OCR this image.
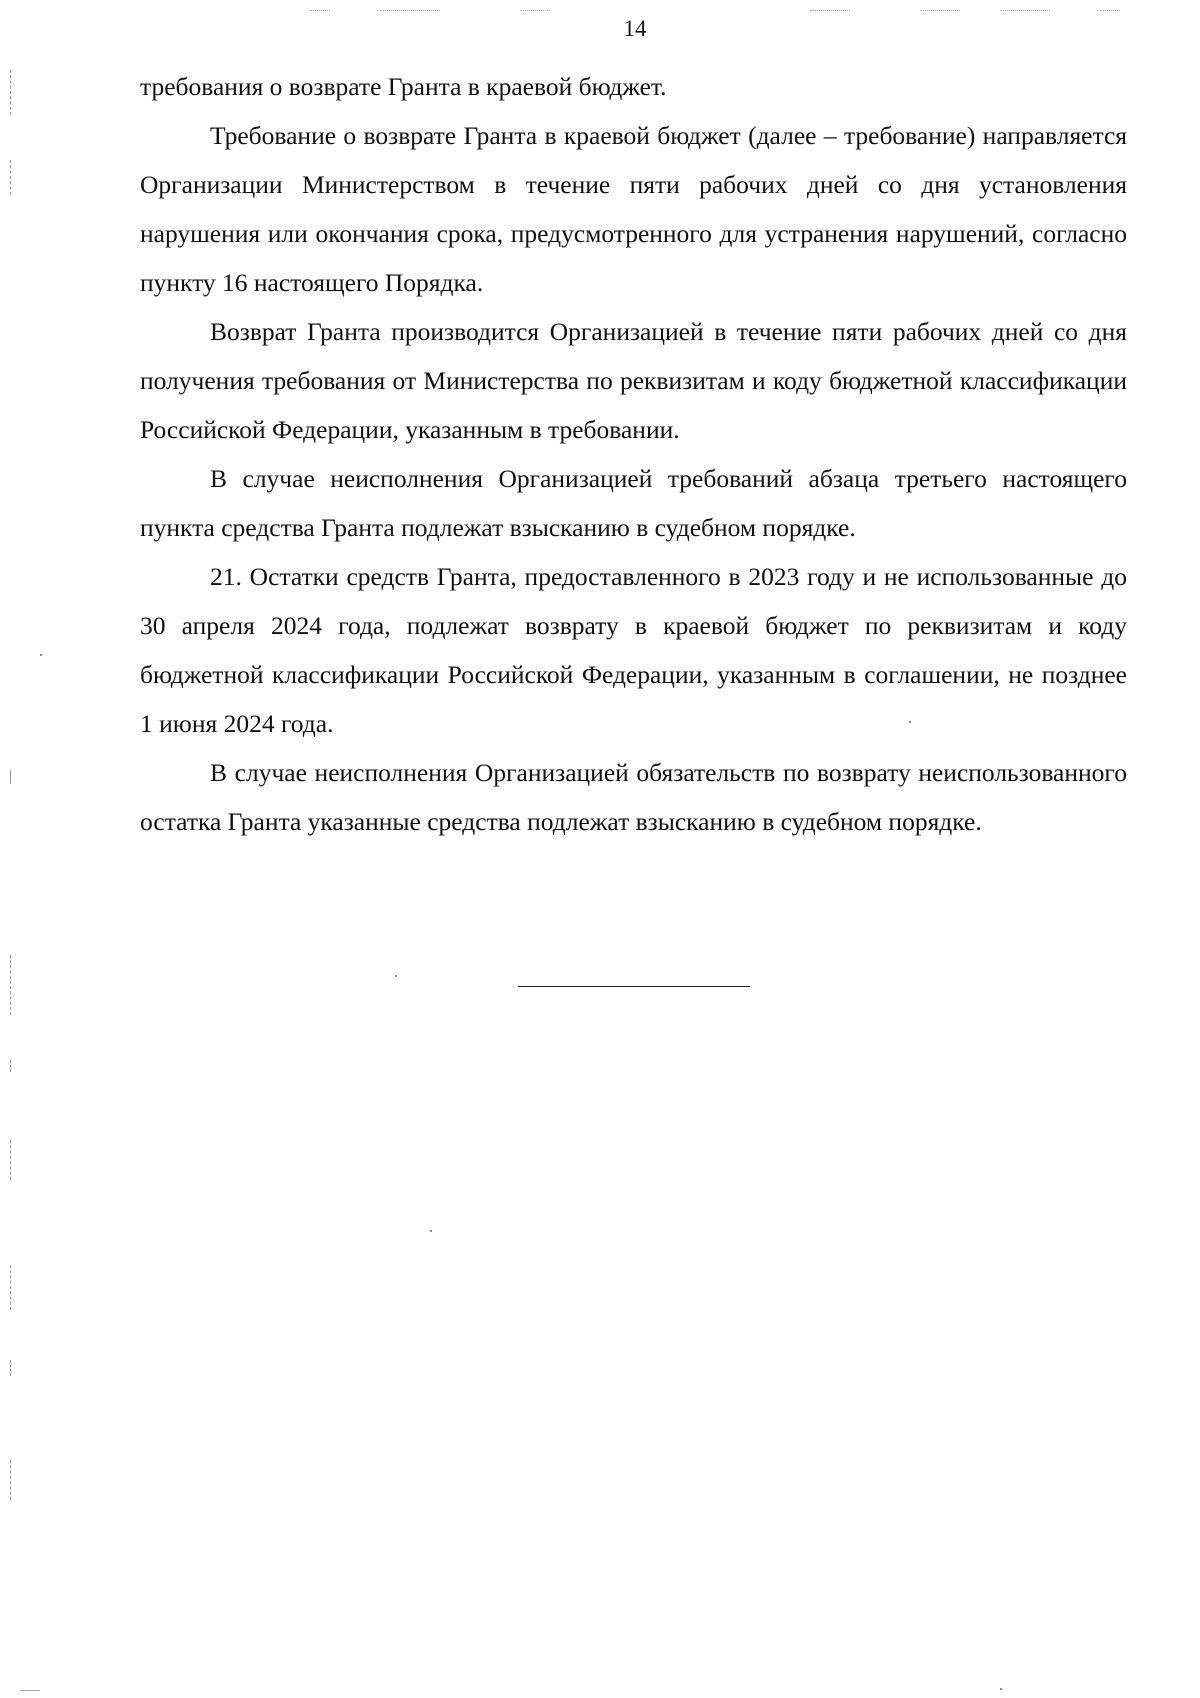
14

требования о возврате Гранта в краевой бюджет.

Требование о возврате Гранта в краевой бюджет (далее – требование) направляется Организации Министерством в течение пяти рабочих дней со дня установления нарушения или окончания срока, предусмотренного для устранения нарушений, согласно пункту 16 настоящего Порядка.

Возврат Гранта производится Организацией в течение пяти рабочих дней со дня получения требования от Министерства по реквизитам и коду бюджетной классификации Российской Федерации, указанным в требовании.

В случае неисполнения Организацией требований абзаца третьего настоящего пункта средства Гранта подлежат взысканию в судебном порядке.

21. Остатки средств Гранта, предоставленного в 2023 году и не использованные до 30 апреля 2024 года, подлежат возврату в краевой бюджет по реквизитам и коду бюджетной классификации Российской Федерации, указанным в соглашении, не позднее 1 июня 2024 года.

В случае неисполнения Организацией обязательств по возврату неиспользованного остатка Гранта указанные средства подлежат взысканию в судебном порядке.
